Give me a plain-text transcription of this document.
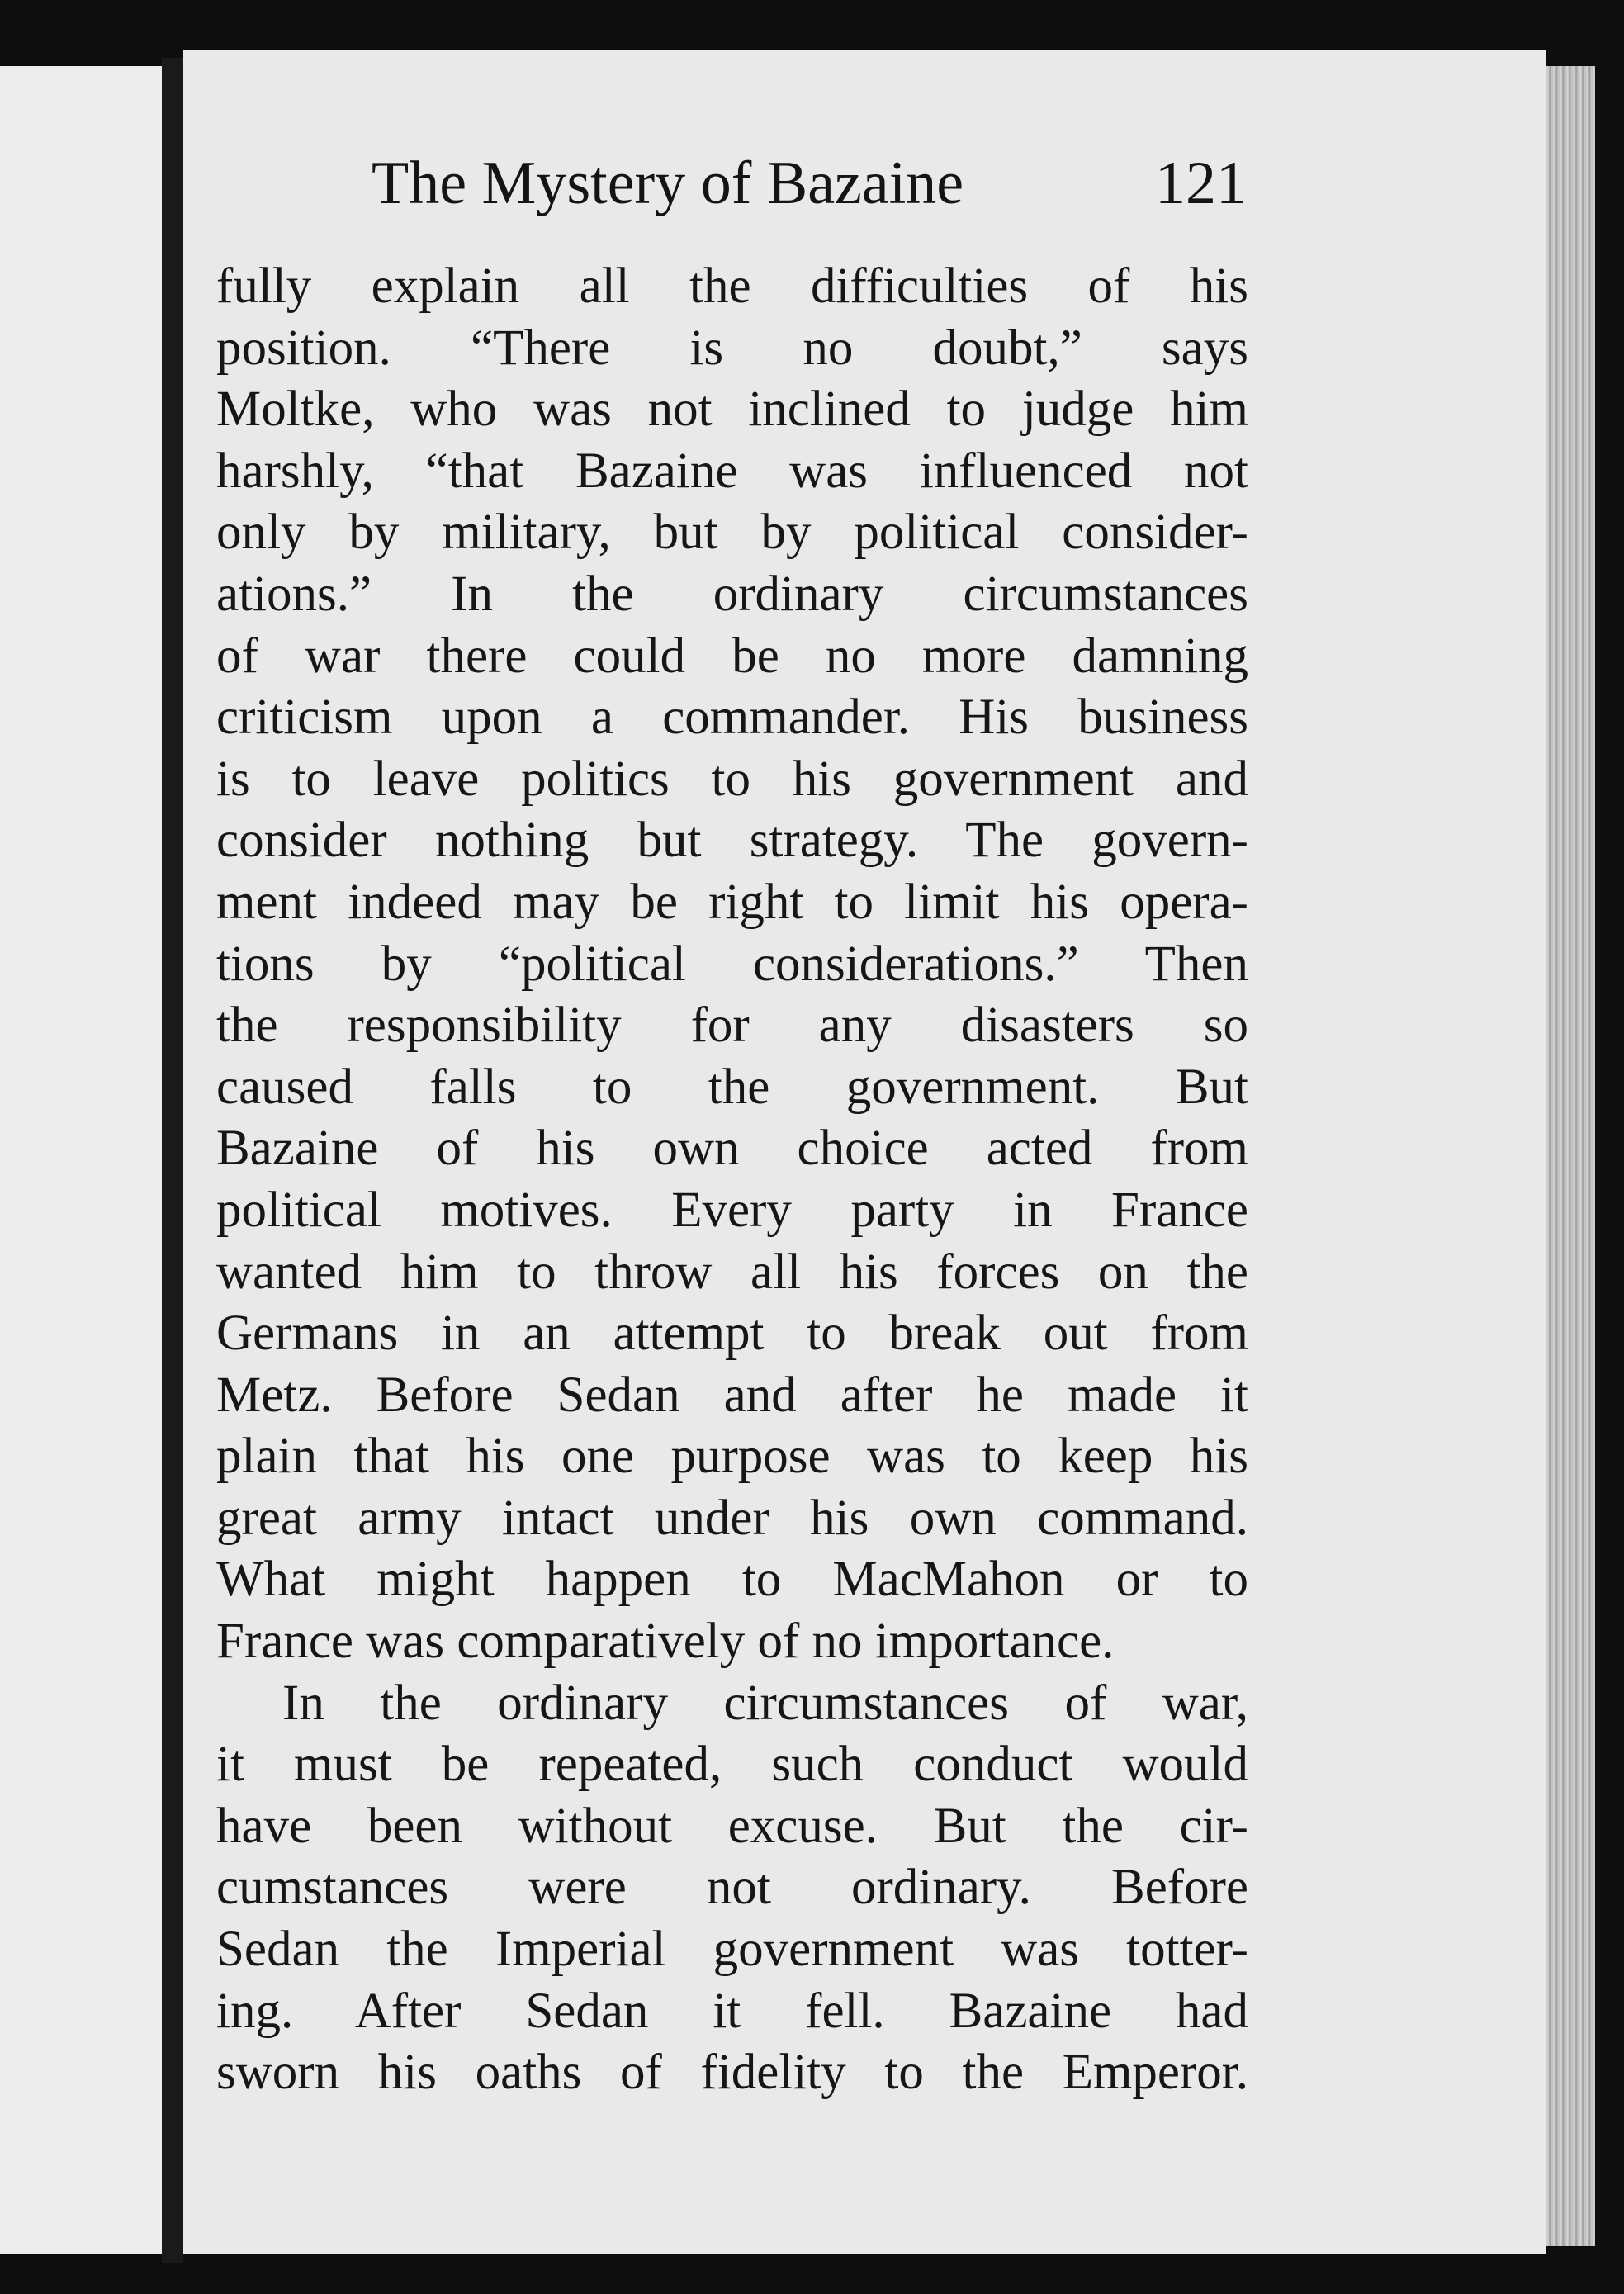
The Mystery of Bazaine	121
fully explain all the difficulties of his
position. “There is no doubt,” says
Moltke, who was not inclined to judge him
harshly, “that Bazaine was influenced not
only by military, but by political consider-
ations.” In the ordinary circumstances
of war there could be no more damning
criticism upon a commander. His business
is to leave politics to his government and
consider nothing but strategy. The govern-
ment indeed may be right to limit his opera-
tions by “political considerations.” Then
the responsibility for any disasters so
caused falls to the government. But
Bazaine of his own choice acted from
political motives. Every party in France
wanted him to throw all his forces on the
Germans in an attempt to break out from
Metz. Before Sedan and after he made it
plain that his one purpose was to keep his
great army intact under his own command.
What might happen to MacMahon or to
France was comparatively of no importance.
In the ordinary circumstances of war,
it must be repeated, such conduct would
have been without excuse. But the cir-
cumstances were not ordinary. Before
Sedan the Imperial government was totter-
ing. After Sedan it fell. Bazaine had
sworn his oaths of fidelity to the Emperor.
